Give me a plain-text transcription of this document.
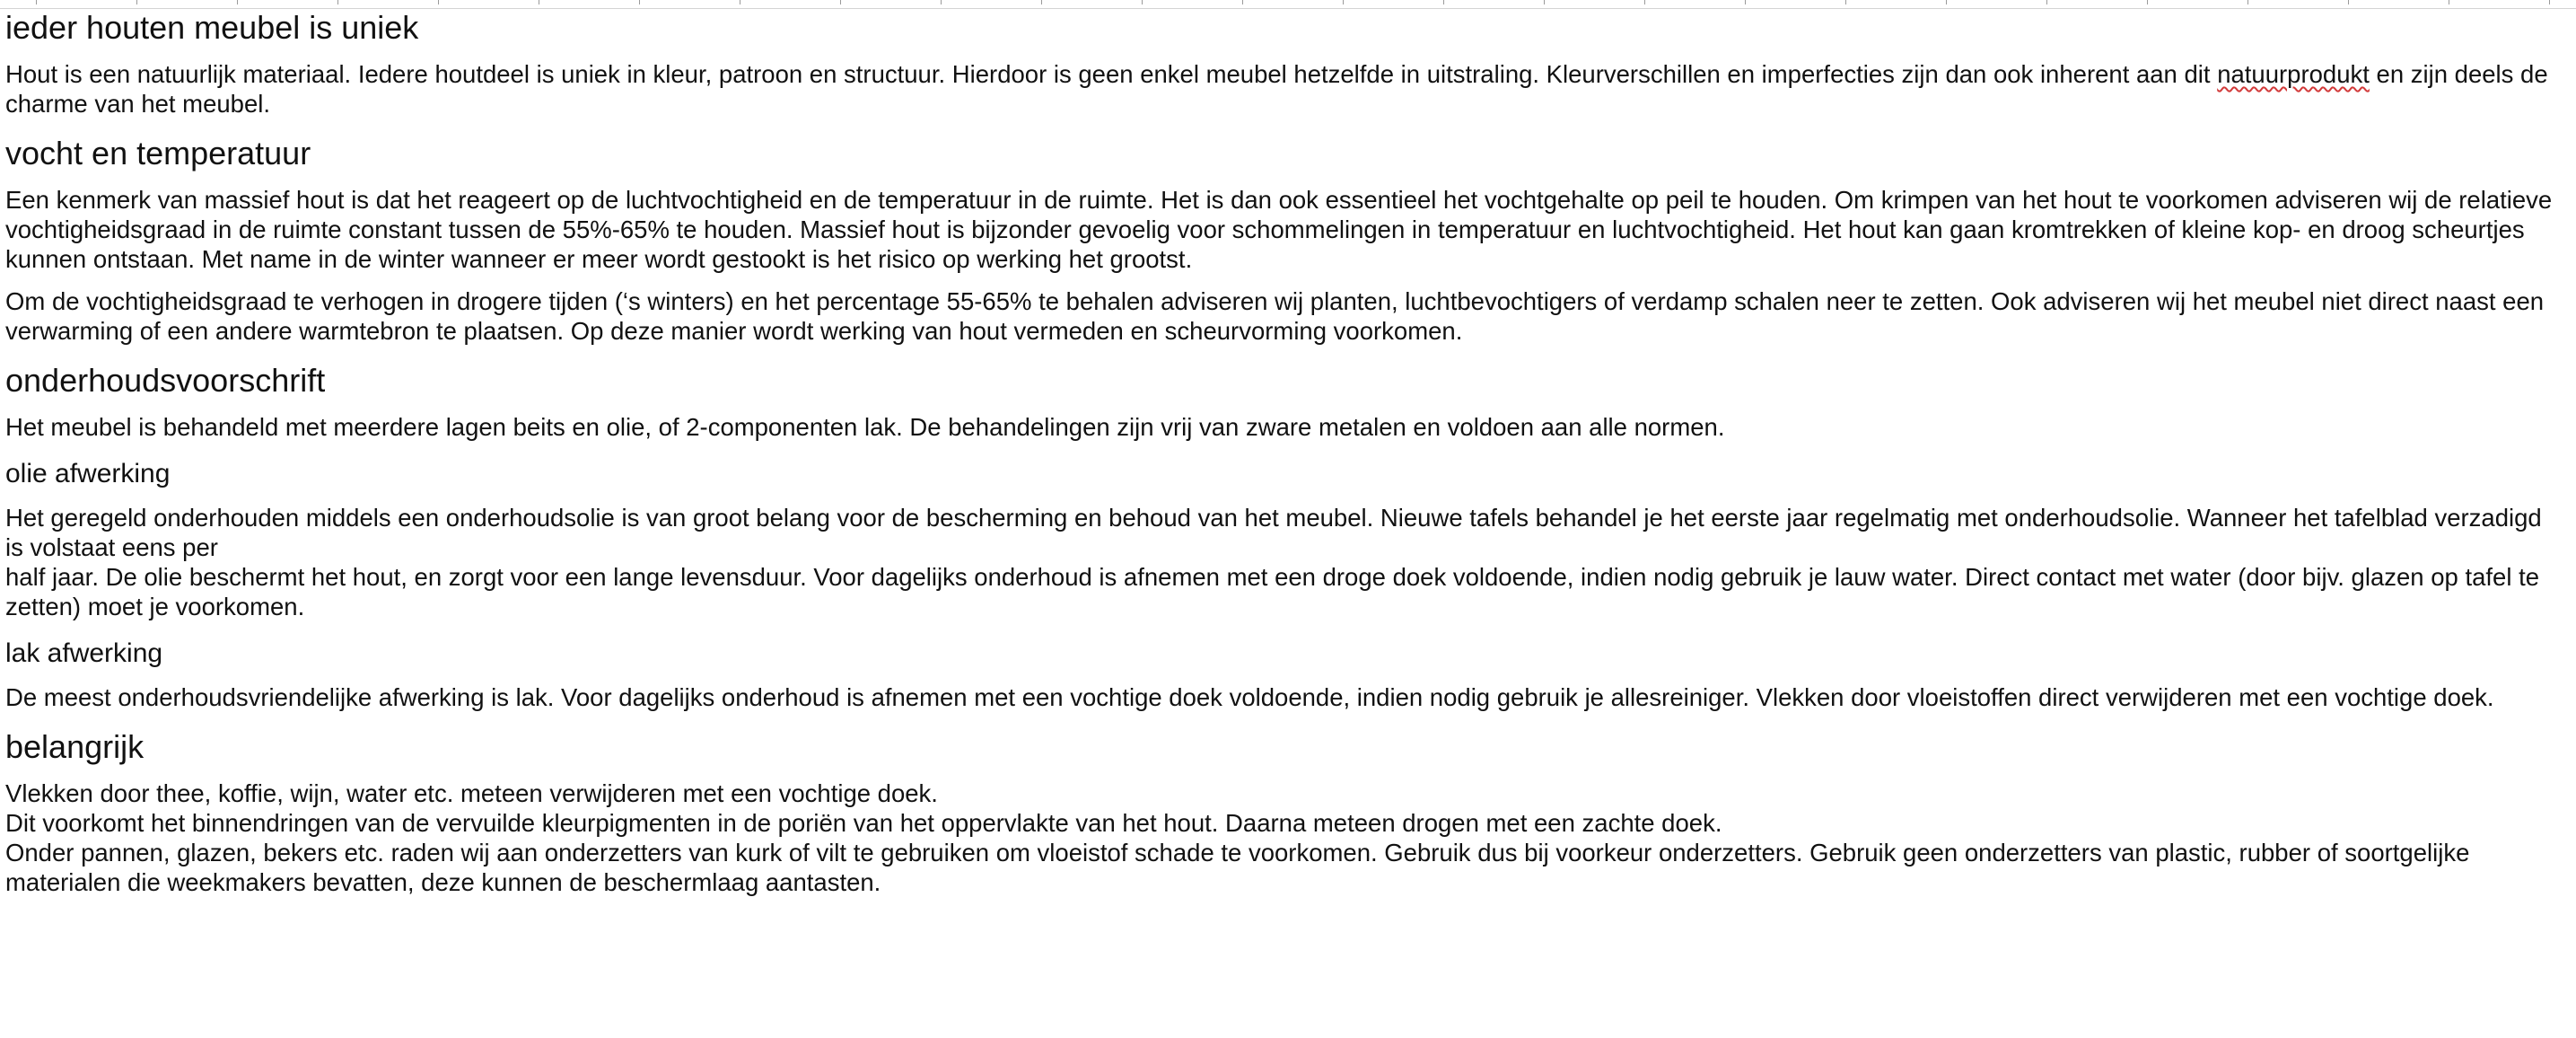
ieder houten meubel is uniek

Hout is een natuurlijk materiaal. Iedere houtdeel is uniek in kleur, patroon en structuur. Hierdoor is geen enkel meubel hetzelfde in uitstraling. Kleurverschillen en imperfecties zijn dan ook inherent aan dit natuurprodukt en zijn deels de charme van het meubel.

vocht en temperatuur

Een kenmerk van massief hout is dat het reageert op de luchtvochtigheid en de temperatuur in de ruimte. Het is dan ook essentieel het vochtgehalte op peil te houden. Om krimpen van het hout te voorkomen adviseren wij de relatieve vochtigheidsgraad in de ruimte constant tussen de 55%-65% te houden. Massief hout is bijzonder gevoelig voor schommelingen in temperatuur en luchtvochtigheid. Het hout kan gaan kromtrekken of kleine kop- en droog scheurtjes kunnen ontstaan. Met name in de winter wanneer er meer wordt gestookt is het risico op werking het grootst.

Om de vochtigheidsgraad te verhogen in drogere tijden (‘s winters) en het percentage 55-65% te behalen adviseren wij planten, luchtbevochtigers of verdamp schalen neer te zetten. Ook adviseren wij het meubel niet direct naast een verwarming of een andere warmtebron te plaatsen. Op deze manier wordt werking van hout vermeden en scheurvorming voorkomen.

onderhoudsvoorschrift

Het meubel is behandeld met meerdere lagen beits en olie, of 2-componenten lak. De behandelingen zijn vrij van zware metalen en voldoen aan alle normen.

olie afwerking

Het geregeld onderhouden middels een onderhoudsolie is van groot belang voor de bescherming en behoud van het meubel. Nieuwe tafels behandel je het eerste jaar regelmatig met onderhoudsolie. Wanneer het tafelblad verzadigd is volstaat eens per

half jaar. De olie beschermt het hout, en zorgt voor een lange levensduur. Voor dagelijks onderhoud is afnemen met een droge doek voldoende, indien nodig gebruik je lauw water. Direct contact met water (door bijv. glazen op tafel te zetten) moet je voorkomen.

lak afwerking

De meest onderhoudsvriendelijke afwerking is lak. Voor dagelijks onderhoud is afnemen met een vochtige doek voldoende, indien nodig gebruik je allesreiniger. Vlekken door vloeistoffen direct verwijderen met een vochtige doek.

belangrijk

Vlekken door thee, koffie, wijn, water etc. meteen verwijderen met een vochtige doek.

Dit voorkomt het binnendringen van de vervuilde kleurpigmenten in de poriën van het oppervlakte van het hout. Daarna meteen drogen met een zachte doek.

Onder pannen, glazen, bekers etc. raden wij aan onderzetters van kurk of vilt te gebruiken om vloeistof schade te voorkomen. Gebruik dus bij voorkeur onderzetters. Gebruik geen onderzetters van plastic, rubber of soortgelijke materialen die weekmakers bevatten, deze kunnen de beschermlaag aantasten.
